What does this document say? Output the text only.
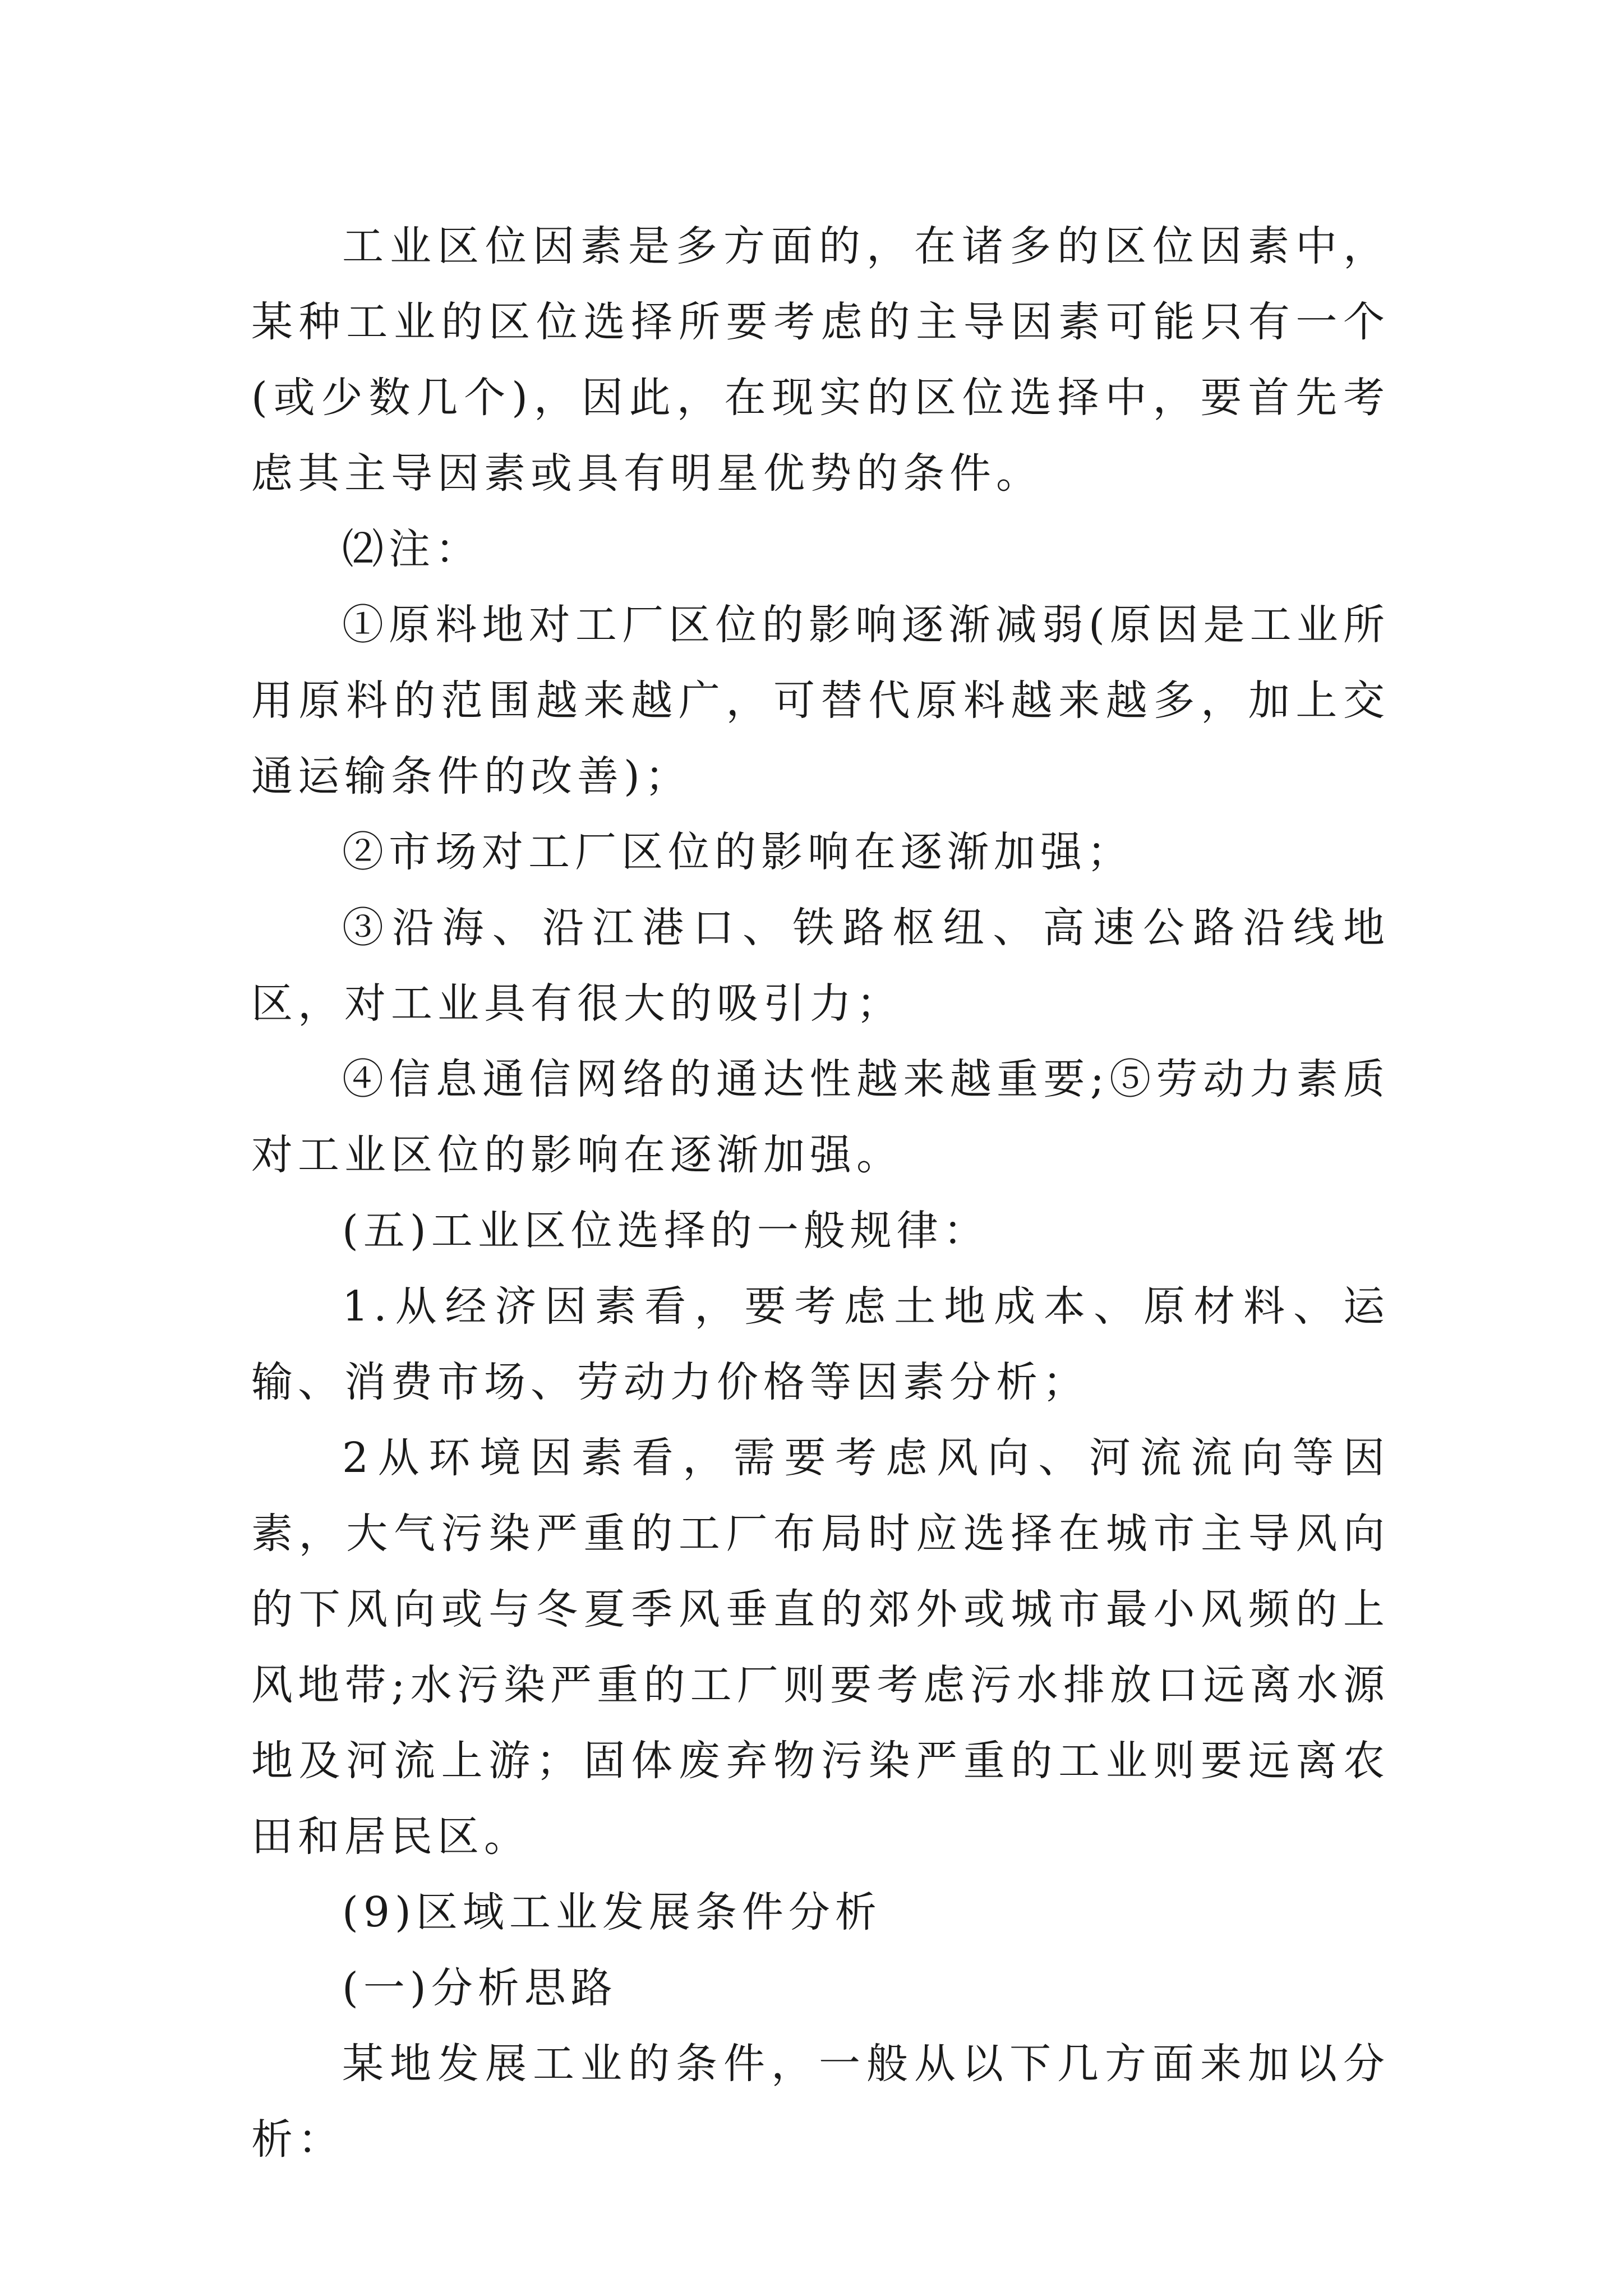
工业区位因素是多方面的，在诸多的区位因素中，某种工业的区位选择所要考虑的主导因素可能只有一个(或少数几个)，因此，在现实的区位选择中，要首先考虑其主导因素或具有明星优势的条件。

⑵注：

①原料地对工厂区位的影响逐渐减弱(原因是工业所用原料的范围越来越广，可替代原料越来越多，加上交通运输条件的改善)；

②市场对工厂区位的影响在逐渐加强；

③沿海、沿江港口、铁路枢纽、高速公路沿线地区，对工业具有很大的吸引力；

④信息通信网络的通达性越来越重要;⑤劳动力素质对工业区位的影响在逐渐加强。

(五)工业区位选择的一般规律：

1.从经济因素看，要考虑土地成本、原材料、运输、消费市场、劳动力价格等因素分析；

2从环境因素看，需要考虑风向、河流流向等因素，大气污染严重的工厂布局时应选择在城市主导风向的下风向或与冬夏季风垂直的郊外或城市最小风频的上风地带;水污染严重的工厂则要考虑污水排放口远离水源地及河流上游；固体废弃物污染严重的工业则要远离农田和居民区。

(9)区域工业发展条件分析

(一)分析思路

某地发展工业的条件，一般从以下几方面来加以分析：
